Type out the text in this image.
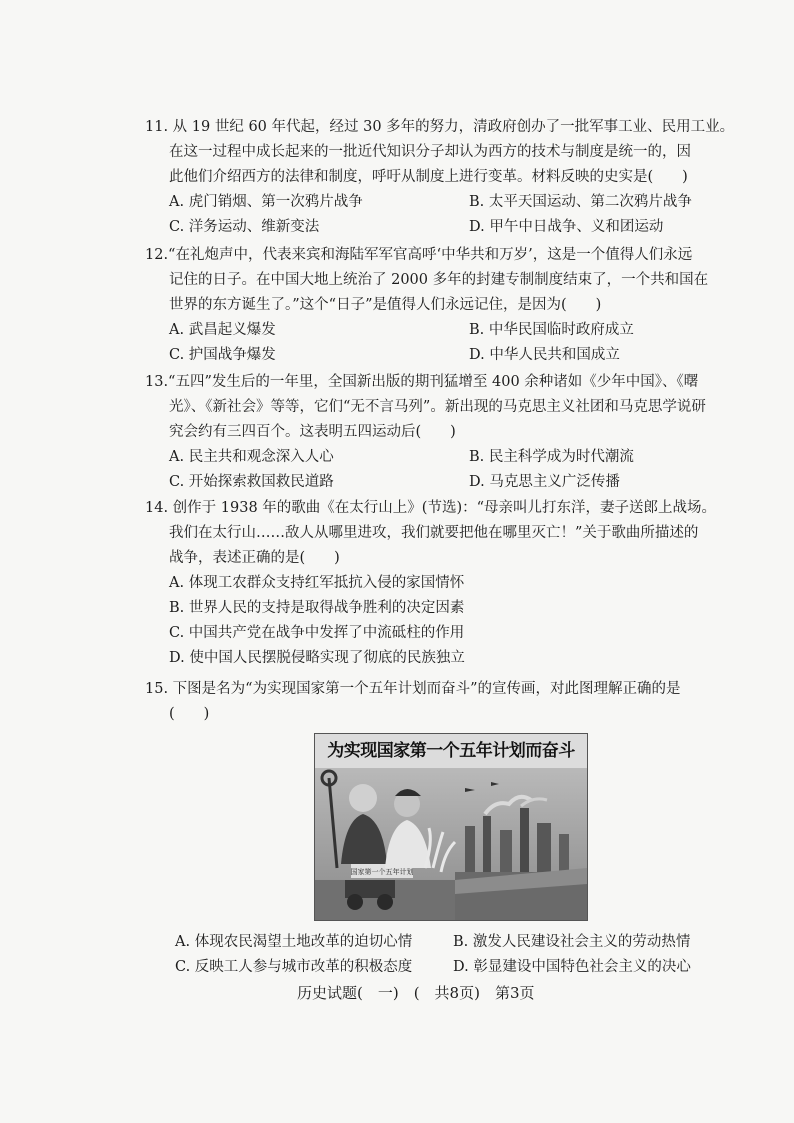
11. 从 19 世纪 60 年代起，经过 30 多年的努力，清政府创办了一批军事工业、民用工业。
在这一过程中成长起来的一批近代知识分子却认为西方的技术与制度是统一的，因
此他们介绍西方的法律和制度，呼吁从制度上进行变革。材料反映的史实是(　　)
A. 虎门销烟、第一次鸦片战争	B. 太平天国运动、第二次鸦片战争
C. 洋务运动、维新变法	D. 甲午中日战争、义和团运动
12.“在礼炮声中，代表来宾和海陆军军官高呼‘中华共和万岁’，这是一个值得人们永远
记住的日子。在中国大地上统治了 2000 多年的封建专制制度结束了，一个共和国在
世界的东方诞生了。”这个“日子”是值得人们永远记住，是因为(　　)
A. 武昌起义爆发	B. 中华民国临时政府成立
C. 护国战争爆发	D. 中华人民共和国成立
13.“五四”发生后的一年里，全国新出版的期刊猛增至 400 余种诸如《少年中国》、《曙
光》、《新社会》等等，它们“无不言马列”。新出现的马克思主义社团和马克思学说研
究会约有三四百个。这表明五四运动后(　　)
A. 民主共和观念深入人心	B. 民主科学成为时代潮流
C. 开始探索救国救民道路	D. 马克思主义广泛传播
14. 创作于 1938 年的歌曲《在太行山上》(节选)：“母亲叫儿打东洋，妻子送郎上战场。
我们在太行山……敌人从哪里进攻，我们就要把他在哪里灭亡！”关于歌曲所描述的
战争，表述正确的是(　　)
A. 体现工农群众支持红军抵抗入侵的家国情怀
B. 世界人民的支持是取得战争胜利的决定因素
C. 中国共产党在战争中发挥了中流砥柱的作用
D. 使中国人民摆脱侵略实现了彻底的民族独立
15. 下图是名为“为实现国家第一个五年计划而奋斗”的宣传画，对此图理解正确的是
(　　)
为实现国家第一个五年计划而奋斗
国家第一个五年计划
A. 体现农民渴望土地改革的迫切心情	B. 激发人民建设社会主义的劳动热情
C. 反映工人参与城市改革的积极态度	D. 彰显建设中国特色社会主义的决心
历史试题(　一)　(　共8页)　第3页
